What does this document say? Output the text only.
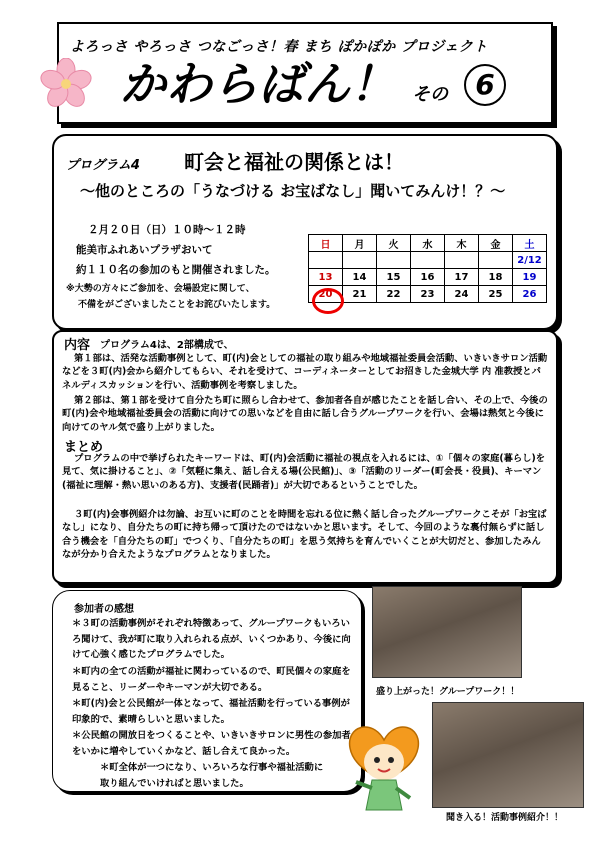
よろっさ やろっさ つなごっさ！春 まち ぽかぽか プロジェクト
かわらばん！ その 6
プログラム4 町会と福祉の関係とは！
～他のところの「うなづける お宝ばなし」聞いてみんけ！？～
２月２０日（日）１０時～１２時
能美市ふれあいプラザおいて
約１１０名の参加のもと開催されました。
※大勢の方々にご参加を、会場設定に関して、
不備をがございましたことをお詫びいたします。
日	月	火	水	木	金	土
						2/12
13	14	15	16	17	18	19
20	21	22	23	24	25	26
内容 プログラム4は、2部構成で、
第１部は、活発な活動事例として、町(内)会としての福祉の取り組みや地域福祉委員会活動、いきいきサロン活動などを３町(内)会から紹介してもらい、それを受けて、コーディネーターとしてお招きした金城大学 内 准教授とパネルディスカッションを行い、活動事例を考察しました。
第２部は、第１部を受けて自分たち町に照らし合わせて、参加者各自が感じたことを話し合い、その上で、今後の町(内)会や地域福祉委員会の活動に向けての思いなどを自由に話し合うグループワークを行い、会場は熱気と今後に向けてのヤル気で盛り上がりました。
まとめ
プログラムの中で挙げられたキーワードは、町(内)会活動に福祉の視点を入れるには、①「個々の家庭(暮らし)を見て、気に掛けること」、②「気軽に集え、話し合える場(公民館)」、③「活動のリーダー(町会長・役員)、キーマン(福祉に理解・熱い思いのある方)、支援者(民踊者)」が大切であるということでした。
３町(内)会事例紹介は勿論、お互いに町のことを時間を忘れる位に熱く話し合ったグループワークこそが「お宝ばなし」になり、自分たちの町に持ち帰って頂けたのではないかと思います。そして、今回のような裏付無らずに話し合う機会を「自分たちの町」でつくり、「自分たちの町」を思う気持ちを育んでいくことが大切だと、参加したみんなが分かり合えたようなプログラムとなりました。
参加者の感想
＊３町の活動事例がそれぞれ特徴あって、グループワークもいろいろ聞けて、我が町に取り入れられる点が、いくつかあり、今後に向けて心強く感じたプログラムでした。
＊町内の全ての活動が福祉に関わっているので、町民個々の家庭を見ること、リーダーやキーマンが大切である。
＊町(内)会と公民館が一体となって、福祉活動を行っている事例が印象的で、素晴らしいと思いました。
＊公民館の開放日をつくることや、いきいきサロンに男性の参加者をいかに増やしていくかなど、話し合えて良かった。
＊町全体が一つになり、いろいろな行事や福祉活動に取り組んでいければと思いました。
盛り上がった！グループワーク！！
聞き入る！活動事例紹介！！
